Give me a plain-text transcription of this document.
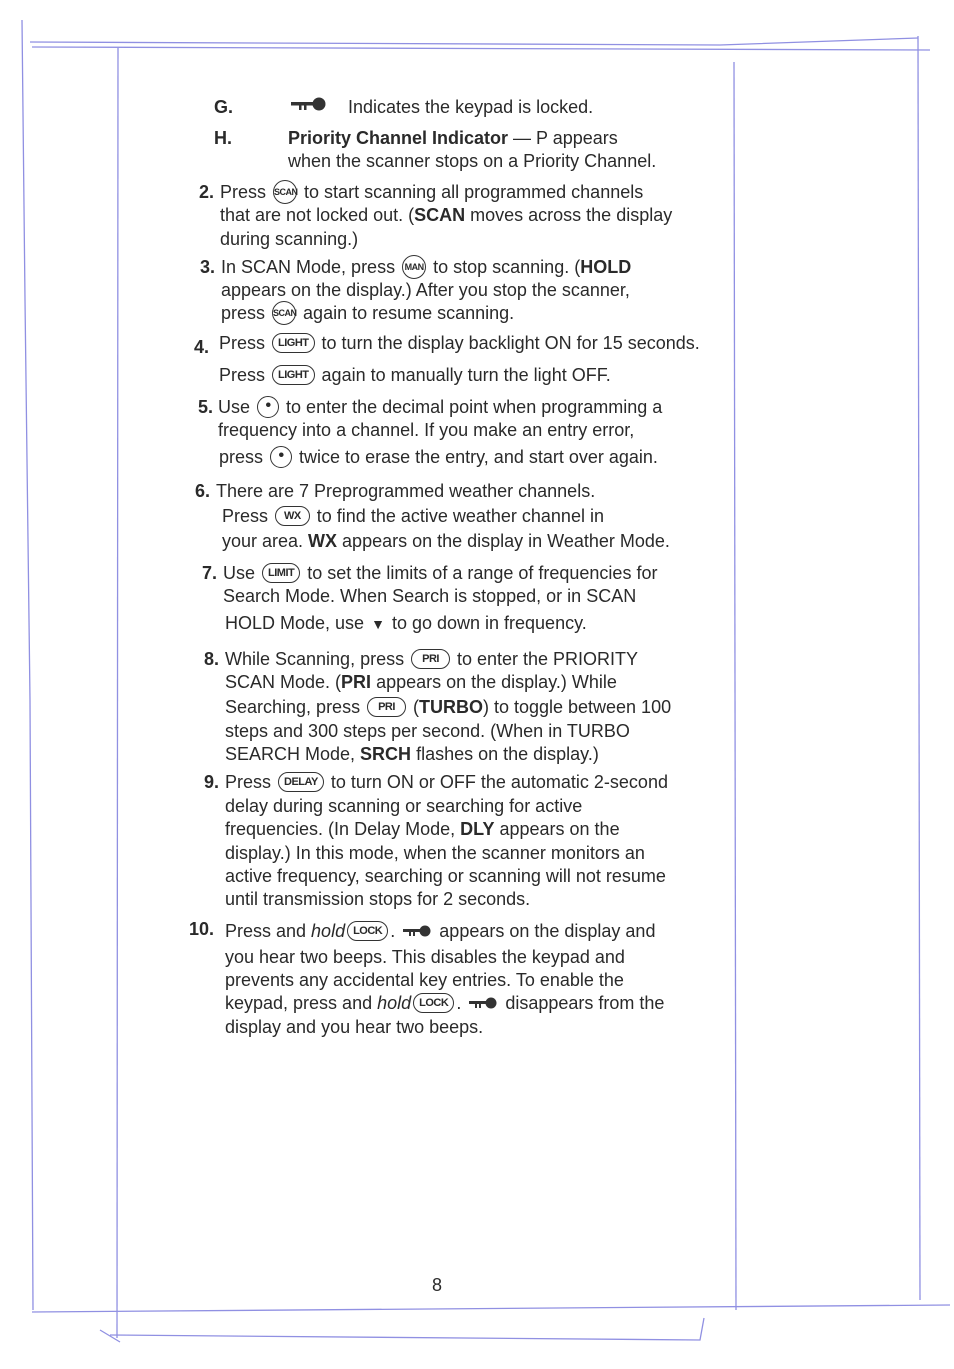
G.	Indicates the keypad is locked.
H.	Priority Channel Indicator — P appears
when the scanner stops on a Priority Channel.
2. Press SCAN to start scanning all programmed channels
that are not locked out. (SCAN moves across the display
during scanning.)
3. In SCAN Mode, press MAN to stop scanning. (HOLD
appears on the display.) After you stop the scanner,
press SCAN again to resume scanning.
4. Press LIGHT to turn the display backlight ON for 15 seconds.
Press LIGHT again to manually turn the light OFF.
5. Use • to enter the decimal point when programming a
frequency into a channel. If you make an entry error,
press • twice to erase the entry, and start over again.
6. There are 7 Preprogrammed weather channels.
Press WX to find the active weather channel in
your area. WX appears on the display in Weather Mode.
7. Use LIMIT to set the limits of a range of frequencies for
Search Mode. When Search is stopped, or in SCAN
HOLD Mode, use ▼ to go down in frequency.
8. While Scanning, press PRI to enter the PRIORITY
SCAN Mode. (PRI appears on the display.) While
Searching, press PRI (TURBO) to toggle between 100
steps and 300 steps per second. (When in TURBO
SEARCH Mode, SRCH flashes on the display.)
9. Press DELAY to turn ON or OFF the automatic 2-second
delay during scanning or searching for active
frequencies. (In Delay Mode, DLY appears on the
display.) In this mode, when the scanner monitors an
active frequency, searching or scanning will not resume
until transmission stops for 2 seconds.
10. Press and hold LOCK . appears on the display and
you hear two beeps. This disables the keypad and
prevents any accidental key entries. To enable the
keypad, press and hold LOCK . disappears from the
display and you hear two beeps.
8
